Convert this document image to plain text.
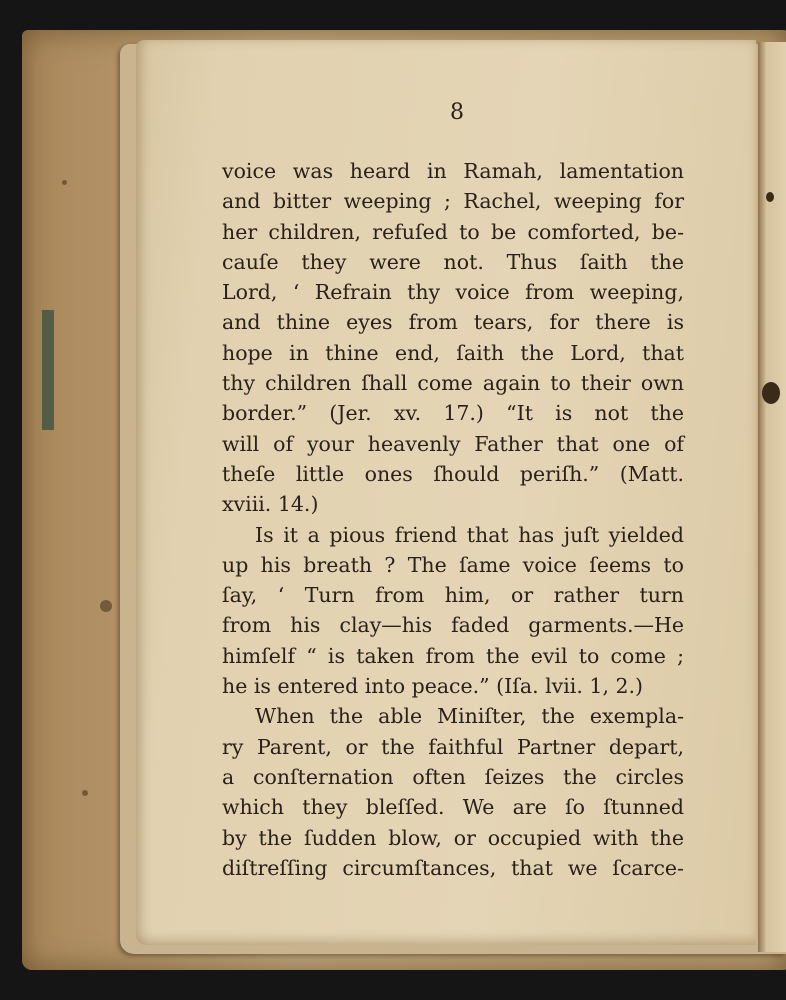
8
voice was heard in Ramah, lamentation
and bitter weeping ; Rachel, weeping for
her children, refuſed to be comforted, be-
cauſe they were not. Thus ſaith the
Lord, ‘ Refrain thy voice from weeping,
and thine eyes from tears, for there is
hope in thine end, ſaith the Lord, that
thy children ſhall come again to their own
border.” (Jer. xv. 17.) “It is not the
will of your heavenly Father that one of
theſe little ones ſhould periſh.” (Matt.
xviii. 14.)
Is it a pious friend that has juſt yielded
up his breath ? The ſame voice ſeems to
ſay, ‘ Turn from him, or rather turn
from his clay—his faded garments.—He
himſelf “ is taken from the evil to come ;
he is entered into peace.” (Iſa. lvii. 1, 2.)
When the able Miniſter, the exempla-
ry Parent, or the faithful Partner depart,
a conſternation often ſeizes the circles
which they bleſſed. We are ſo ſtunned
by the ſudden blow, or occupied with the
diſtreſſing circumſtances, that we ſcarce-
